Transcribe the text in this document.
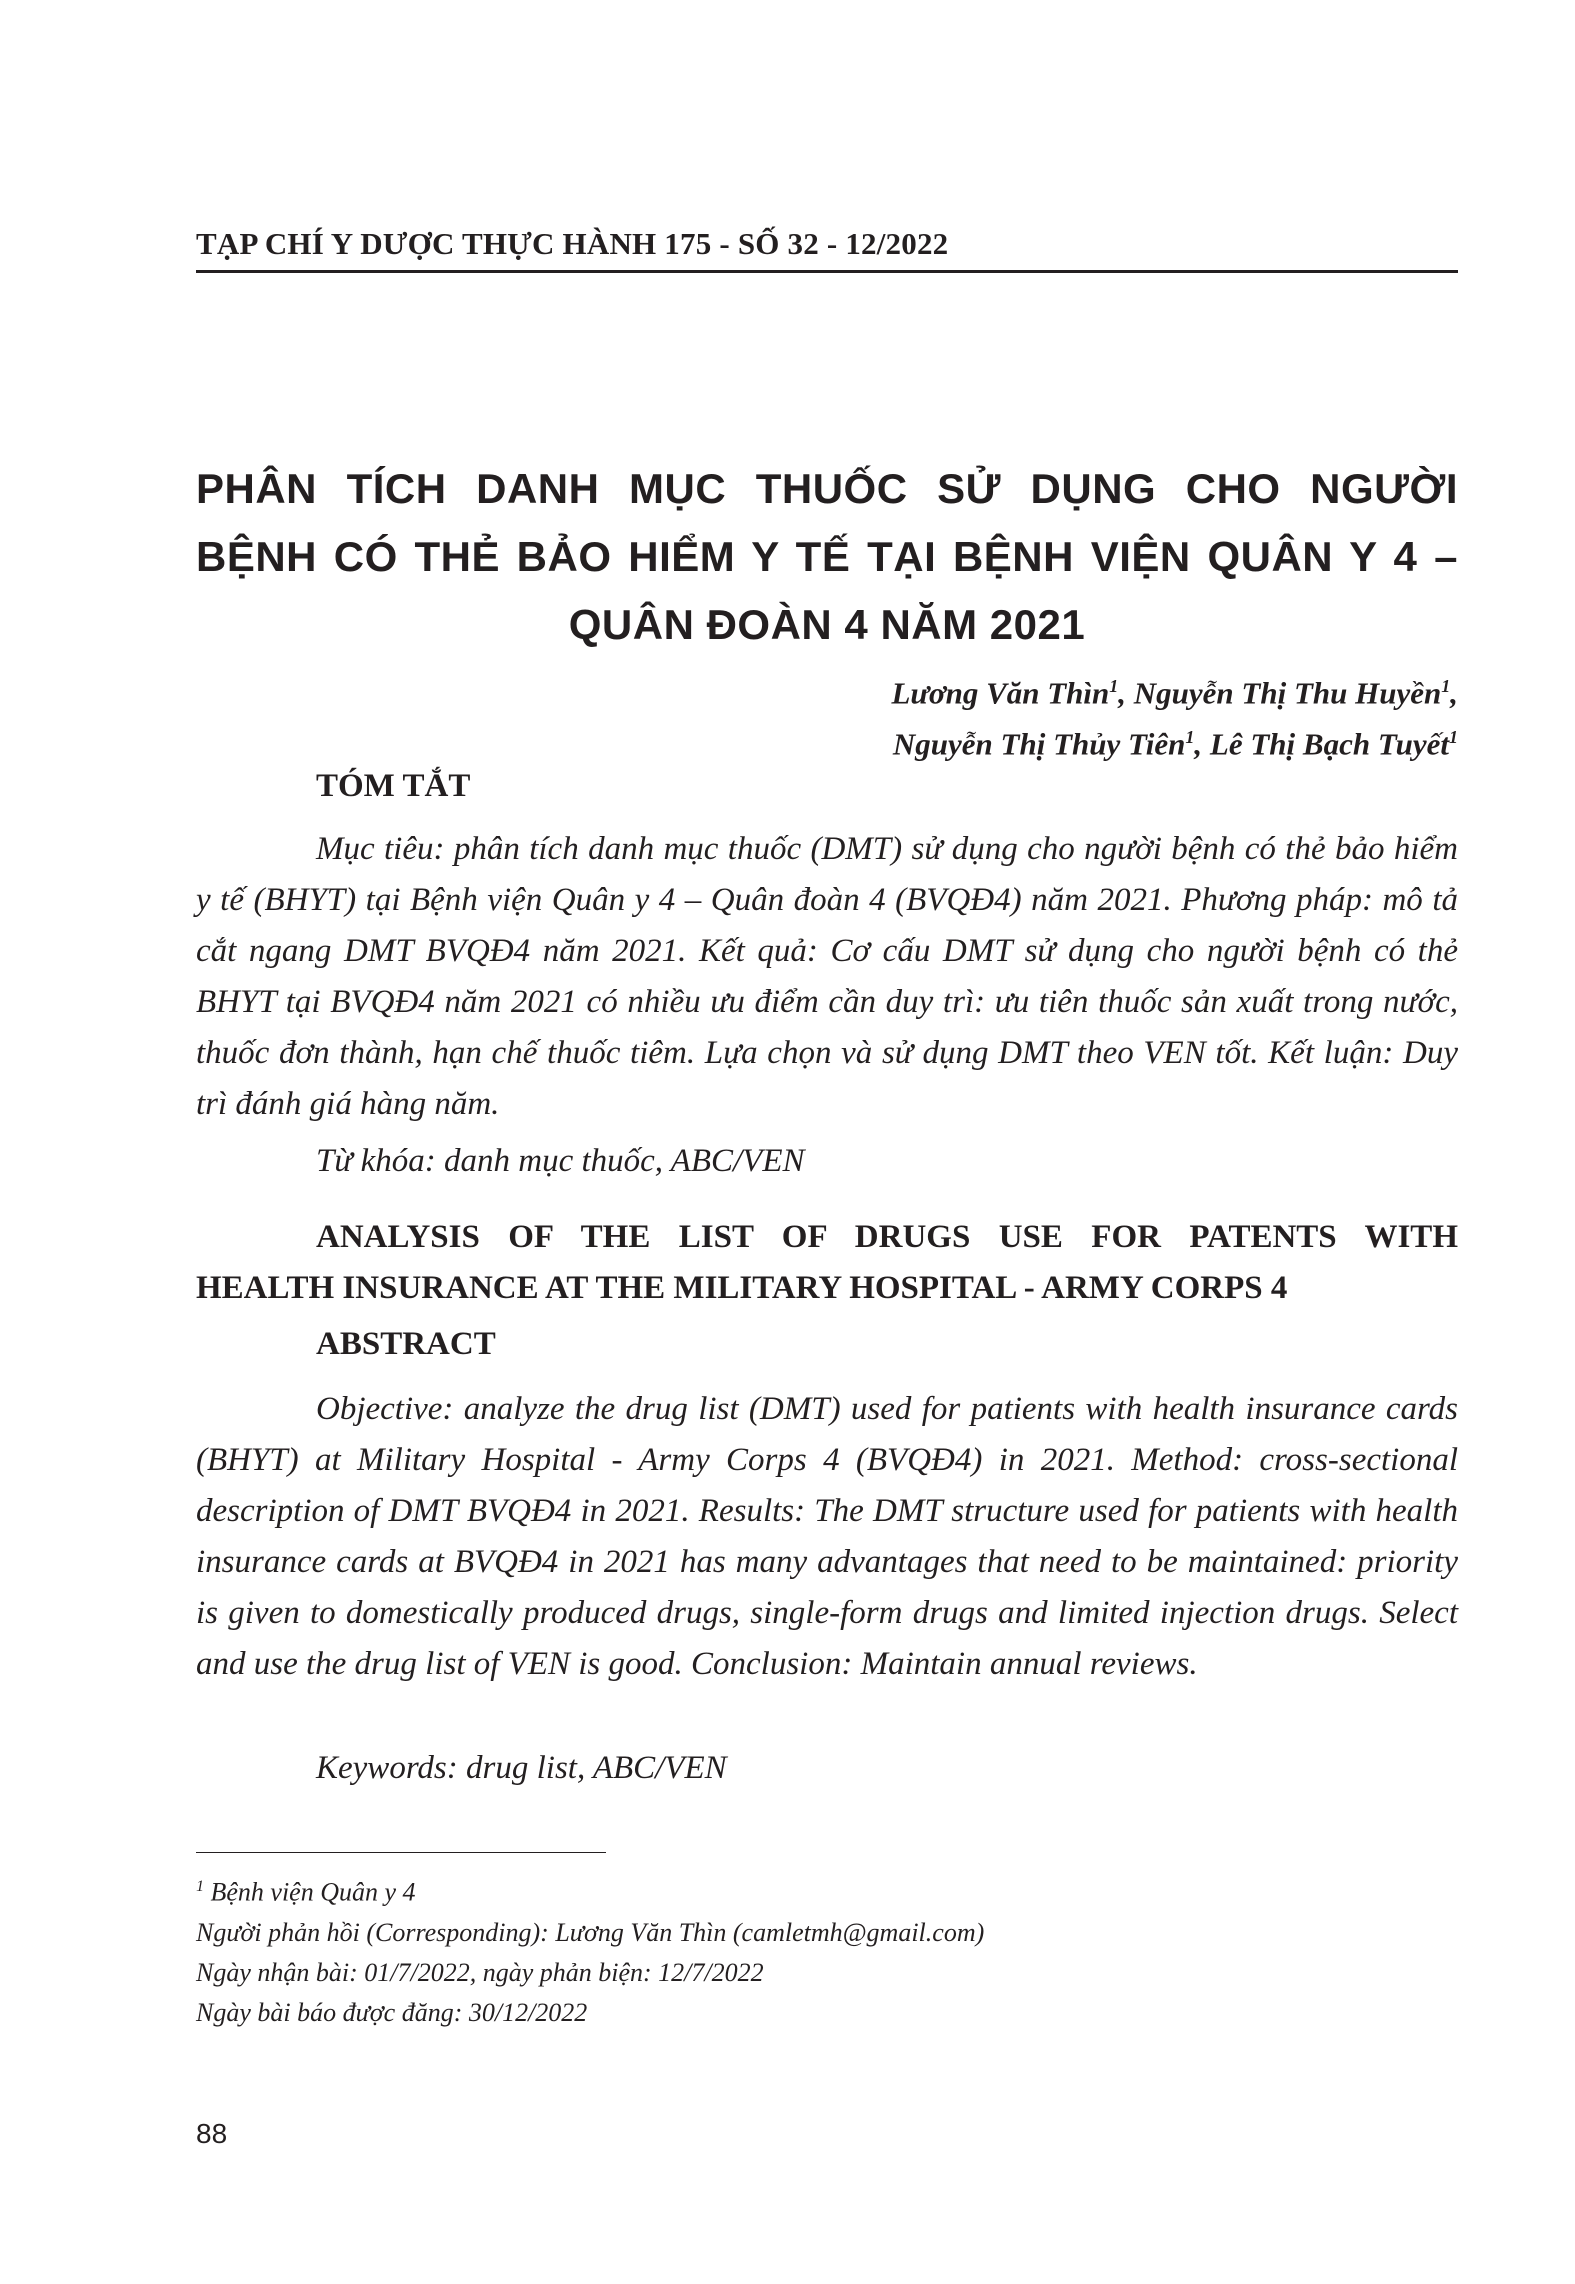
TẠP CHÍ Y DƯỢC THỰC HÀNH 175 - SỐ 32 - 12/2022
PHÂN TÍCH DANH MỤC THUỐC SỬ DỤNG CHO NGƯỜI
BỆNH CÓ THẺ BẢO HIỂM Y TẾ TẠI BỆNH VIỆN QUÂN Y 4 –
QUÂN ĐOÀN 4 NĂM 2021
Lương Văn Thìn$^1$, Nguyễn Thị Thu Huyền$^1$,
Nguyễn Thị Thủy Tiên$^1$, Lê Thị Bạch Tuyết$^1$
TÓM TẮT
Mục tiêu: phân tích danh mục thuốc (DMT) sử dụng cho người bệnh có thẻ bảo hiểm y tế (BHYT) tại Bệnh viện Quân y 4 – Quân đoàn 4 (BVQĐ4) năm 2021. Phương pháp: mô tả cắt ngang DMT BVQĐ4 năm 2021. Kết quả: Cơ cấu DMT sử dụng cho người bệnh có thẻ BHYT tại BVQĐ4 năm 2021 có nhiều ưu điểm cần duy trì: ưu tiên thuốc sản xuất trong nước, thuốc đơn thành, hạn chế thuốc tiêm. Lựa chọn và sử dụng DMT theo VEN tốt. Kết luận: Duy trì đánh giá hàng năm.
Từ khóa: danh mục thuốc, ABC/VEN
ANALYSIS OF THE LIST OF DRUGS USE FOR PATENTS WITH
HEALTH INSURANCE AT THE MILITARY HOSPITAL - ARMY CORPS 4
ABSTRACT
Objective: analyze the drug list (DMT) used for patients with health insurance cards (BHYT) at Military Hospital - Army Corps 4 (BVQĐ4) in 2021. Method: cross-sectional description of DMT BVQĐ4 in 2021. Results: The DMT structure used for patients with health insurance cards at BVQĐ4 in 2021 has many advantages that need to be maintained: priority is given to domestically produced drugs, single-form drugs and limited injection drugs. Select and use the drug list of VEN is good. Conclusion: Maintain annual reviews.
Keywords: drug list, ABC/VEN
$^1$ Bệnh viện Quân y 4
Người phản hồi (Corresponding): Lương Văn Thìn (camletmh@gmail.com)
Ngày nhận bài: 01/7/2022, ngày phản biện: 12/7/2022
Ngày bài báo được đăng: 30/12/2022
88
